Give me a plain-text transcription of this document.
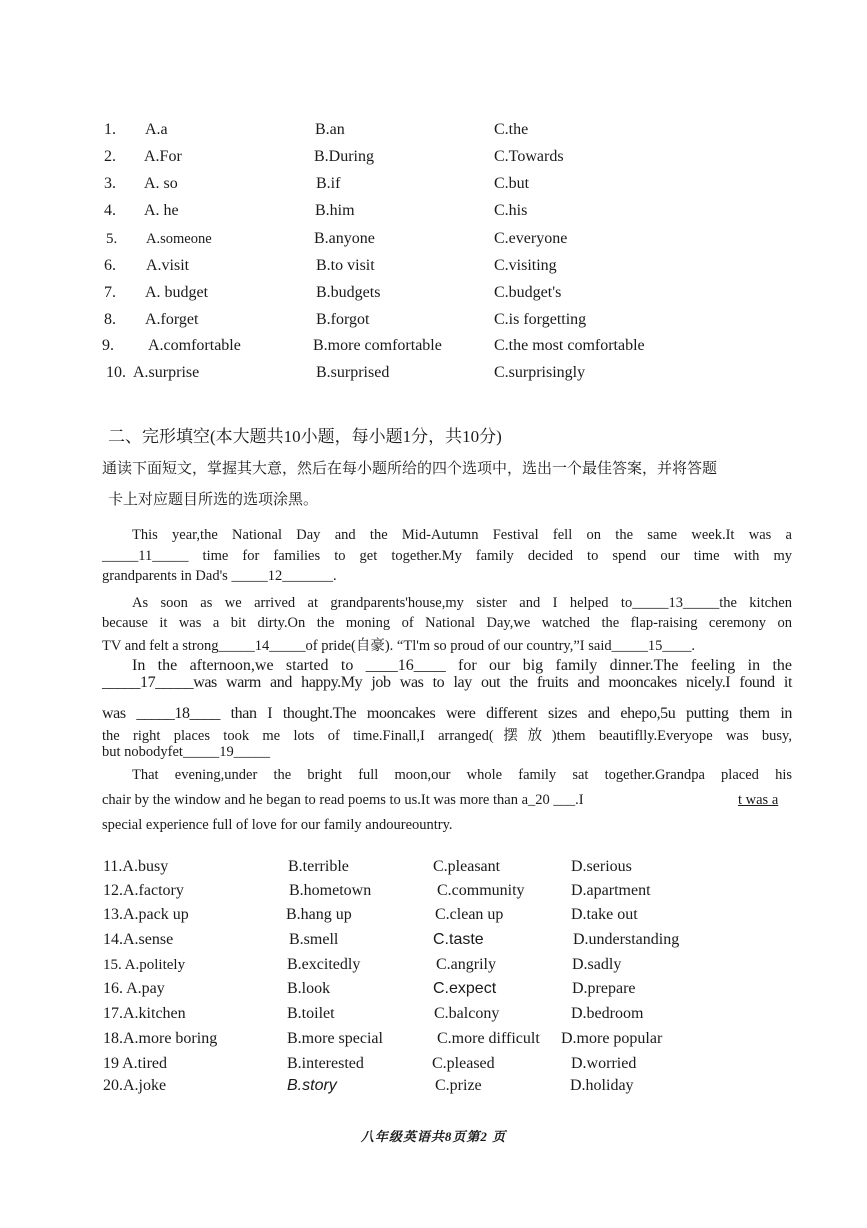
1. A.a	B.an	C.the
2. A.For	B.During	C.Towards
3. A. so	B.if	C.but
4. A. he	B.him	C.his
5. A.someone	B.anyone	C.everyone
6. A.visit	B.to visit	C.visiting
7. A. budget	B.budgets	C.budget's
8. A.forget	B.forgot	C.is forgetting
9. A.comfortable	B.more comfortable	C.the most comfortable
10. A.surprise	B.surprised	C.surprisingly
二、完形填空(本大题共10小题，每小题1分，共10分)
通读下面短文，掌握其大意，然后在每小题所给的四个选项中，选出一个最佳答案，并将答题
卡上对应题目所选的选项涂黑。
This year,the National Day and the Mid-Autumn Festival fell on the same week.It was a
_____11_____ time for families to get together.My family decided to spend our time with my
grandparents in Dad's _____12_______.
As soon as we arrived at grandparents'house,my sister and I helped to_____13_____the kitchen
because it was a bit dirty.On the moning of National Day,we watched the flap-raising ceremony on
TV and felt a strong_____14_____of pride(自豪). “Tl'm so proud of our country,”I said_____15____.
In the afternoon,we started to ____16____ for our big family dinner.The feeling in the
_____17_____was warm and happy.My job was to lay out the fruits and mooncakes nicely.I found it
was _____18____ than I thought.The mooncakes were different sizes and ehepo,5u putting them in
the right places took me lots of time.Finall,I arranged(摆放)them beautiflly.Everyope was busy,
but nobodyfet_____19_____
That evening,under the bright full moon,our whole family sat together.Grandpa placed his
chair by the window and he began to read poems to us.It was more than a_20 ___.I	t was a
special experience full of love for our family andoureountry.
11.A.busy	B.terrible	C.pleasant	D.serious
12.A.factory	B.hometown	C.community	D.apartment
13.A.pack up	B.hang up	C.clean up	D.take out
14.A.sense	B.smell	C.taste	D.understanding
15. A.politely	B.excitedly	C.angrily	D.sadly
16. A.pay	B.look	C.expect	D.prepare
17.A.kitchen	B.toilet	C.balcony	D.bedroom
18.A.more boring	B.more special	C.more difficult D.more popular
19 A.tired	B.interested	C.pleased	D.worried
20.A.joke	B.story	C.prize	D.holiday
八年级英语共8页第2 页
